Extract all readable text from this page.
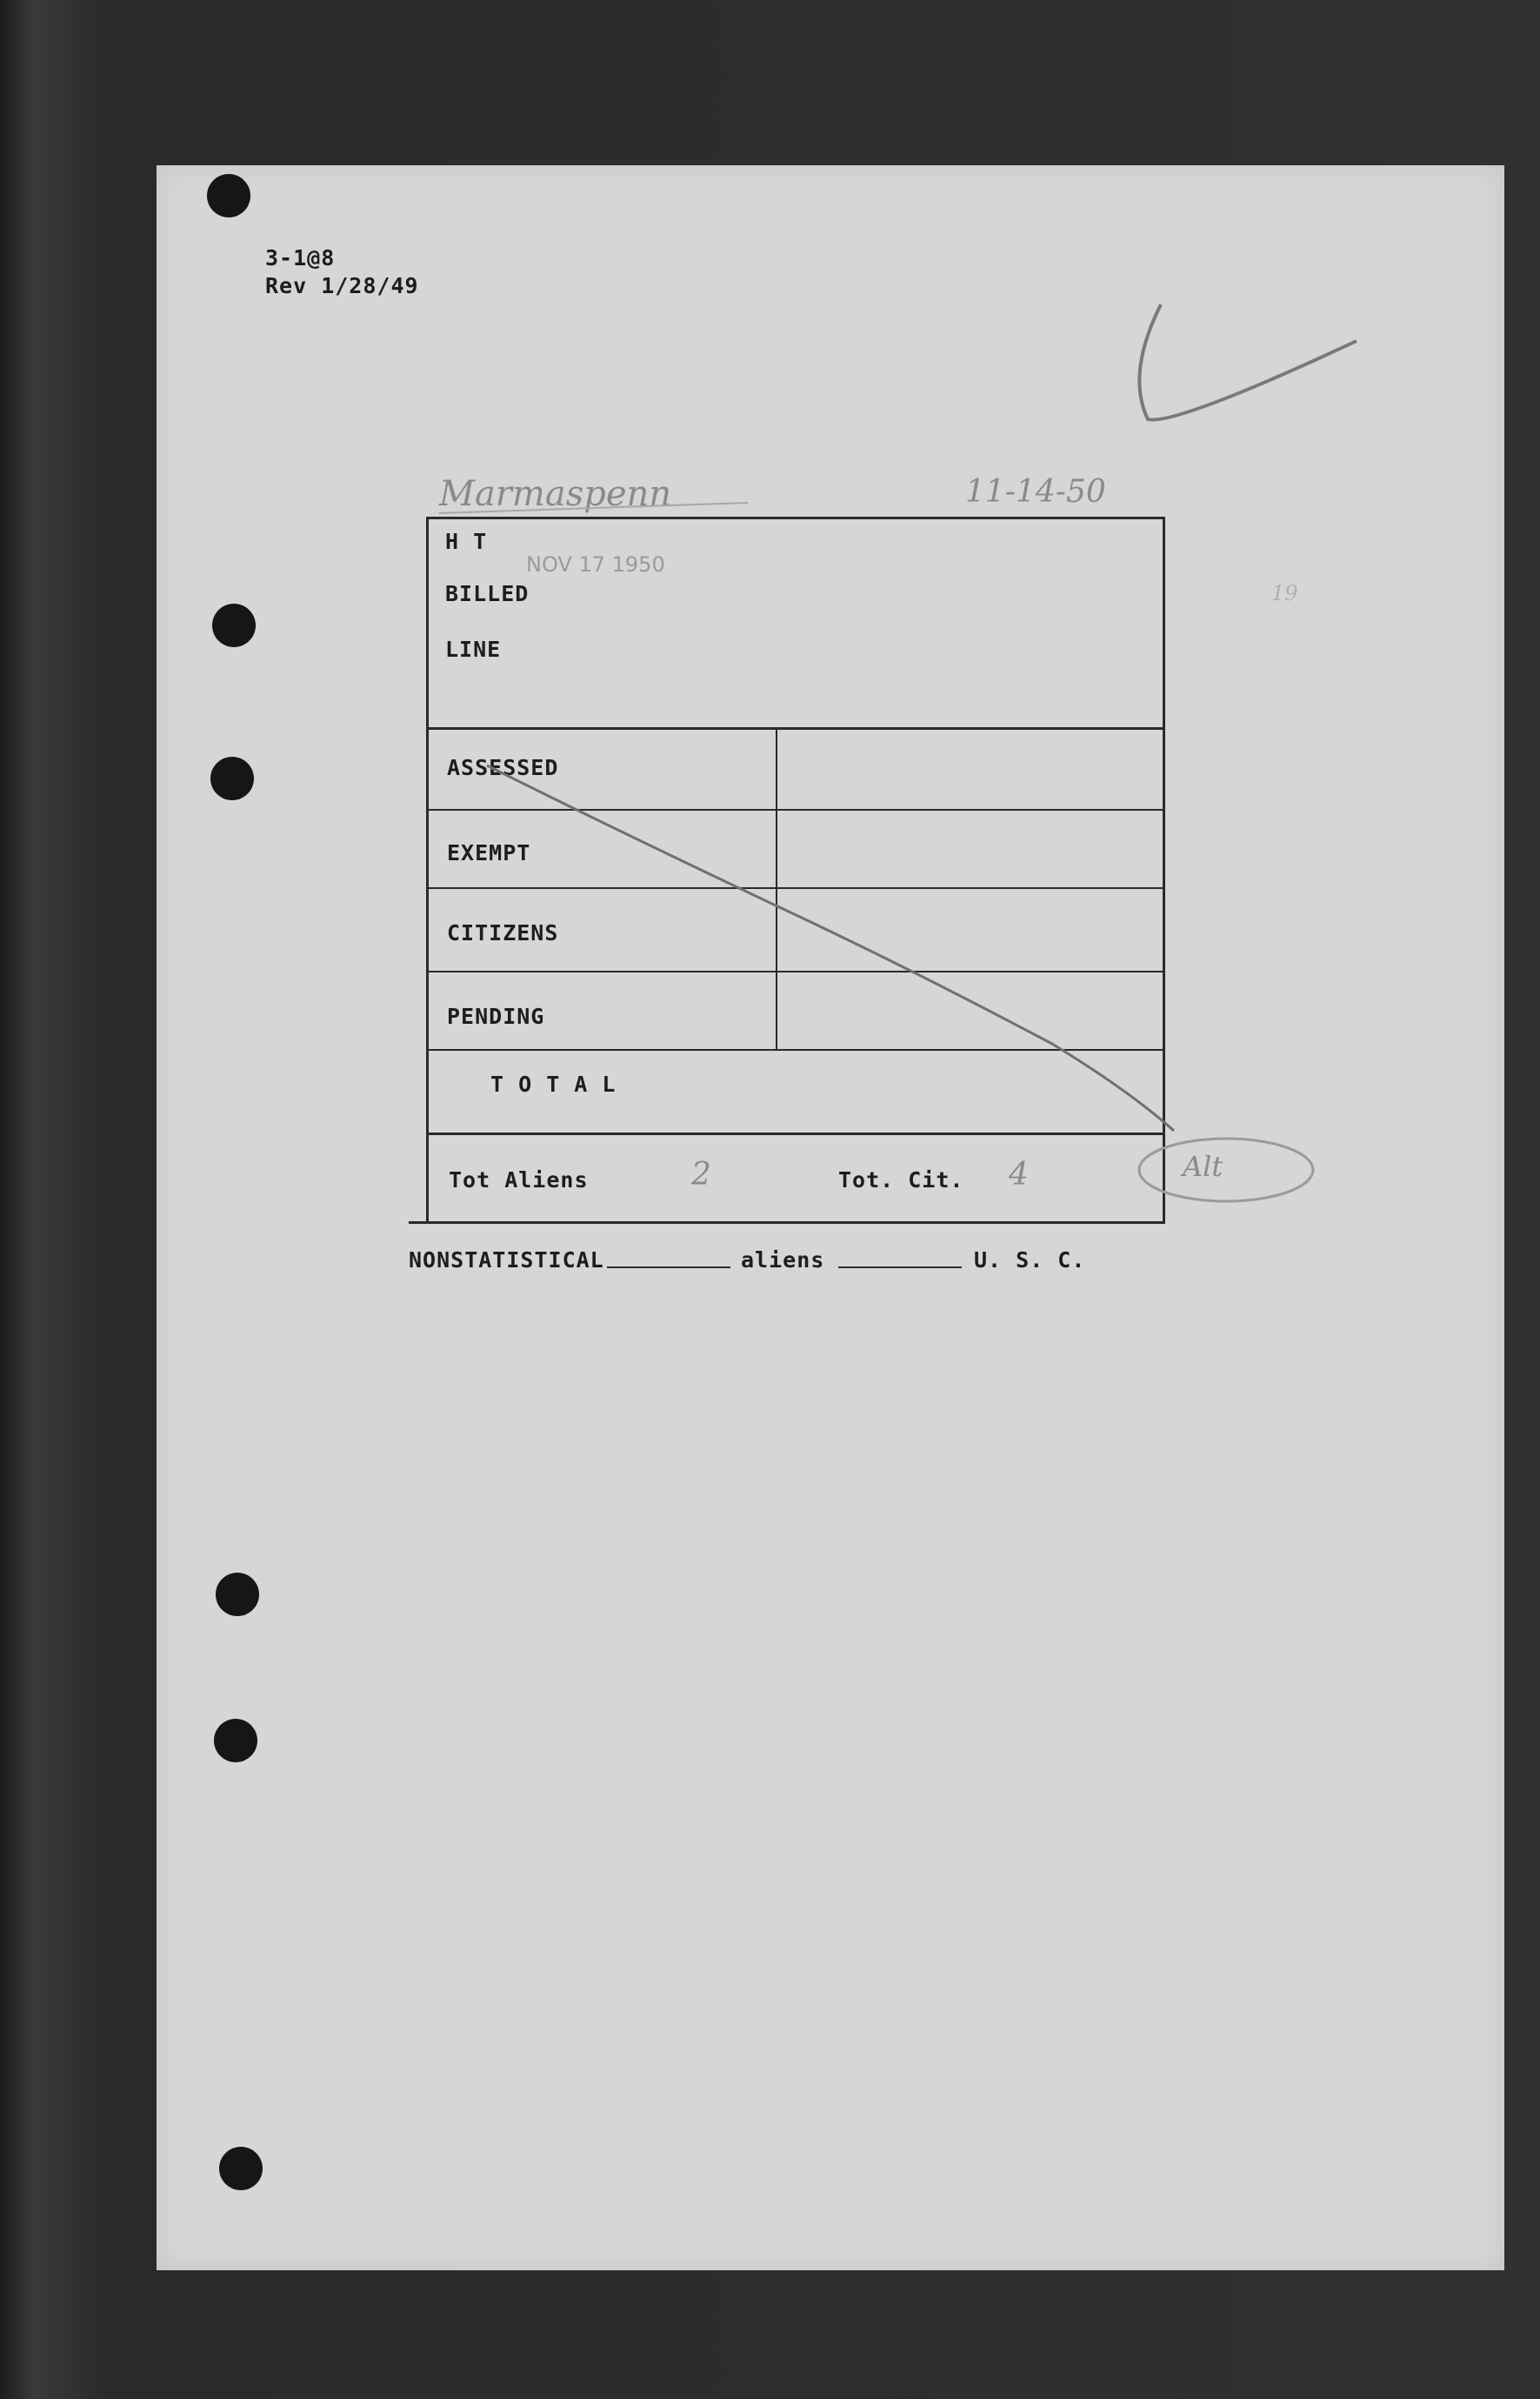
3-1@8
Rev 1/28/49
Marmaspenn	11-14-50
NOV 17 1950
19
H T
BILLED
LINE
ASSESSED
EXEMPT
CITIZENS
PENDING
T O T A L
Tot Aliens	2	Tot. Cit. 4	Alt
NONSTATISTICAL	aliens	U. S. C.
